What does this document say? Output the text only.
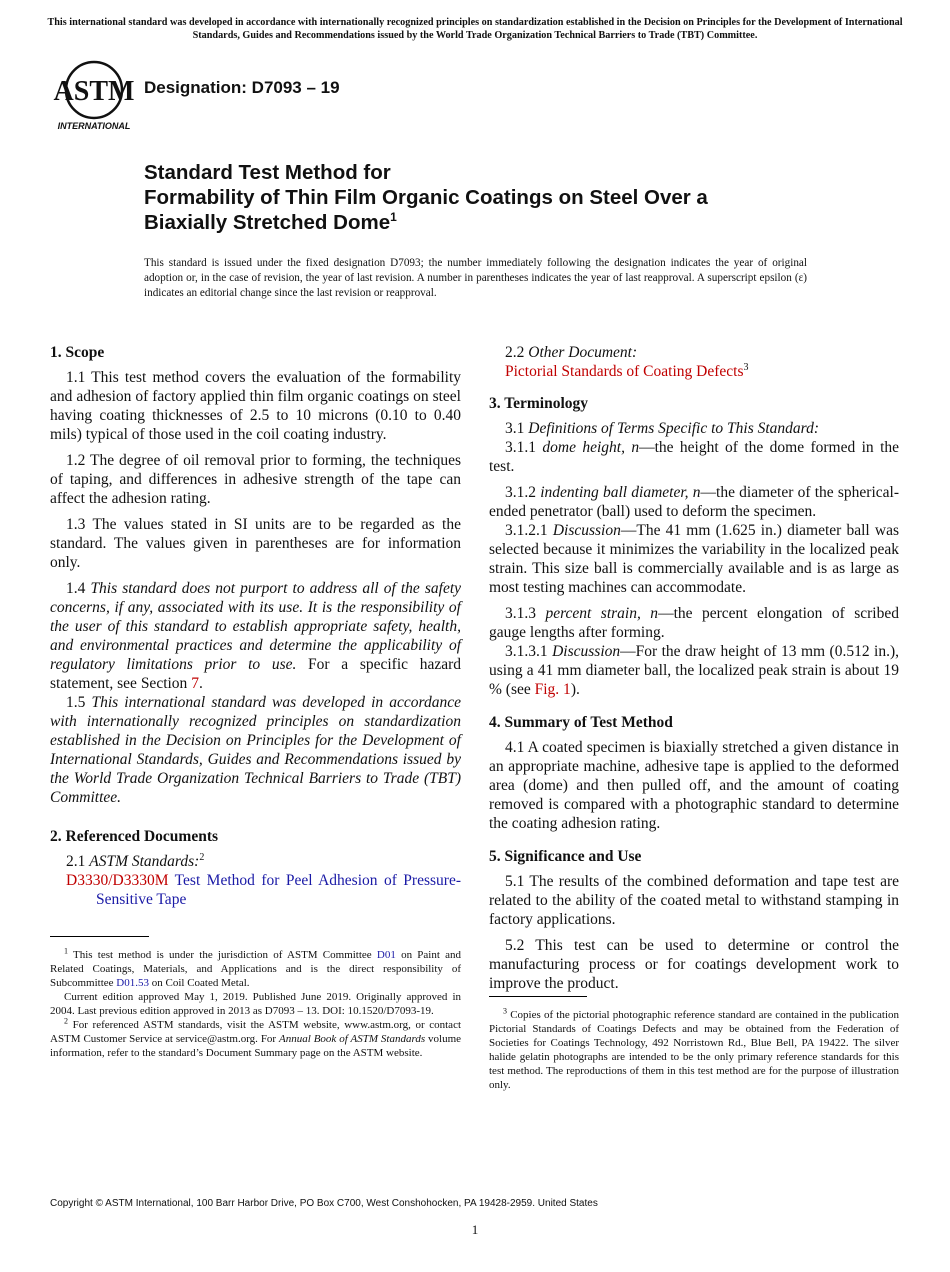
This international standard was developed in accordance with internationally recognized principles on standardization established in the Decision on Principles for the Development of International Standards, Guides and Recommendations issued by the World Trade Organization Technical Barriers to Trade (TBT) Committee.
ASTM
INTERNATIONAL
Designation: D7093 – 19
Standard Test Method for
Formability of Thin Film Organic Coatings on Steel Over a
Biaxially Stretched Dome$^1$
This standard is issued under the fixed designation D7093; the number immediately following the designation indicates the year of original adoption or, in the case of revision, the year of last revision. A number in parentheses indicates the year of last reapproval. A superscript epsilon (ε) indicates an editorial change since the last revision or reapproval.
1. Scope

1.1 This test method covers the evaluation of the formability and adhesion of factory applied thin film organic coatings on steel having coating thicknesses of 2.5 to 10 microns (0.10 to 0.40 mils) typical of those used in the coil coating industry.

1.2 The degree of oil removal prior to forming, the techniques of taping, and differences in adhesive strength of the tape can affect the adhesion rating.

1.3 The values stated in SI units are to be regarded as the standard. The values given in parentheses are for information only.

1.4 This standard does not purport to address all of the safety concerns, if any, associated with its use. It is the responsibility of the user of this standard to establish appropriate safety, health, and environmental practices and determine the applicability of regulatory limitations prior to use. For a specific hazard statement, see Section 7.

1.5 This international standard was developed in accordance with internationally recognized principles on standardization established in the Decision on Principles for the Development of International Standards, Guides and Recommendations issued by the World Trade Organization Technical Barriers to Trade (TBT) Committee.

2. Referenced Documents

2.1 ASTM Standards:$^2$

D3330/D3330M Test Method for Peel Adhesion of Pressure-Sensitive Tape

$^1$ This test method is under the jurisdiction of ASTM Committee D01 on Paint and Related Coatings, Materials, and Applications and is the direct responsibility of Subcommittee D01.53 on Coil Coated Metal.

Current edition approved May 1, 2019. Published June 2019. Originally approved in 2004. Last previous edition approved in 2013 as D7093 – 13. DOI: 10.1520/D7093-19.

$^2$ For referenced ASTM standards, visit the ASTM website, www.astm.org, or contact ASTM Customer Service at service@astm.org. For Annual Book of ASTM Standards volume information, refer to the standard’s Document Summary page on the ASTM website.

2.2 Other Document:

Pictorial Standards of Coating Defects$^3$

3. Terminology

3.1 Definitions of Terms Specific to This Standard:

3.1.1 dome height, n—the height of the dome formed in the test.

3.1.2 indenting ball diameter, n—the diameter of the spherical-ended penetrator (ball) used to deform the specimen.

3.1.2.1 Discussion—The 41 mm (1.625 in.) diameter ball was selected because it minimizes the variability in the localized peak strain. This size ball is commercially available and is as large as most testing machines can accommodate.

3.1.3 percent strain, n—the percent elongation of scribed gauge lengths after forming.

3.1.3.1 Discussion—For the draw height of 13 mm (0.512 in.), using a 41 mm diameter ball, the localized peak strain is about 19 % (see Fig. 1).

4. Summary of Test Method

4.1 A coated specimen is biaxially stretched a given distance in an appropriate machine, adhesive tape is applied to the deformed area (dome) and then pulled off, and the amount of coating removed is compared with a photographic standard to determine the coating adhesion rating.

5. Significance and Use

5.1 The results of the combined deformation and tape test are related to the ability of the coated metal to withstand stamping in factory applications.

5.2 This test can be used to determine or control the manufacturing process or for coatings development work to improve the product.

$^3$ Copies of the pictorial photographic reference standard are contained in the publication Pictorial Standards of Coatings Defects and may be obtained from the Federation of Societies for Coatings Technology, 492 Norristown Rd., Blue Bell, PA 19422. The silver halide gelatin photographs are intended to be the only primary reference standards for this test method. The reproductions of them in this test method are for the purpose of illustration only.

Copyright © ASTM International, 100 Barr Harbor Drive, PO Box C700, West Conshohocken, PA 19428-2959. United States
1
